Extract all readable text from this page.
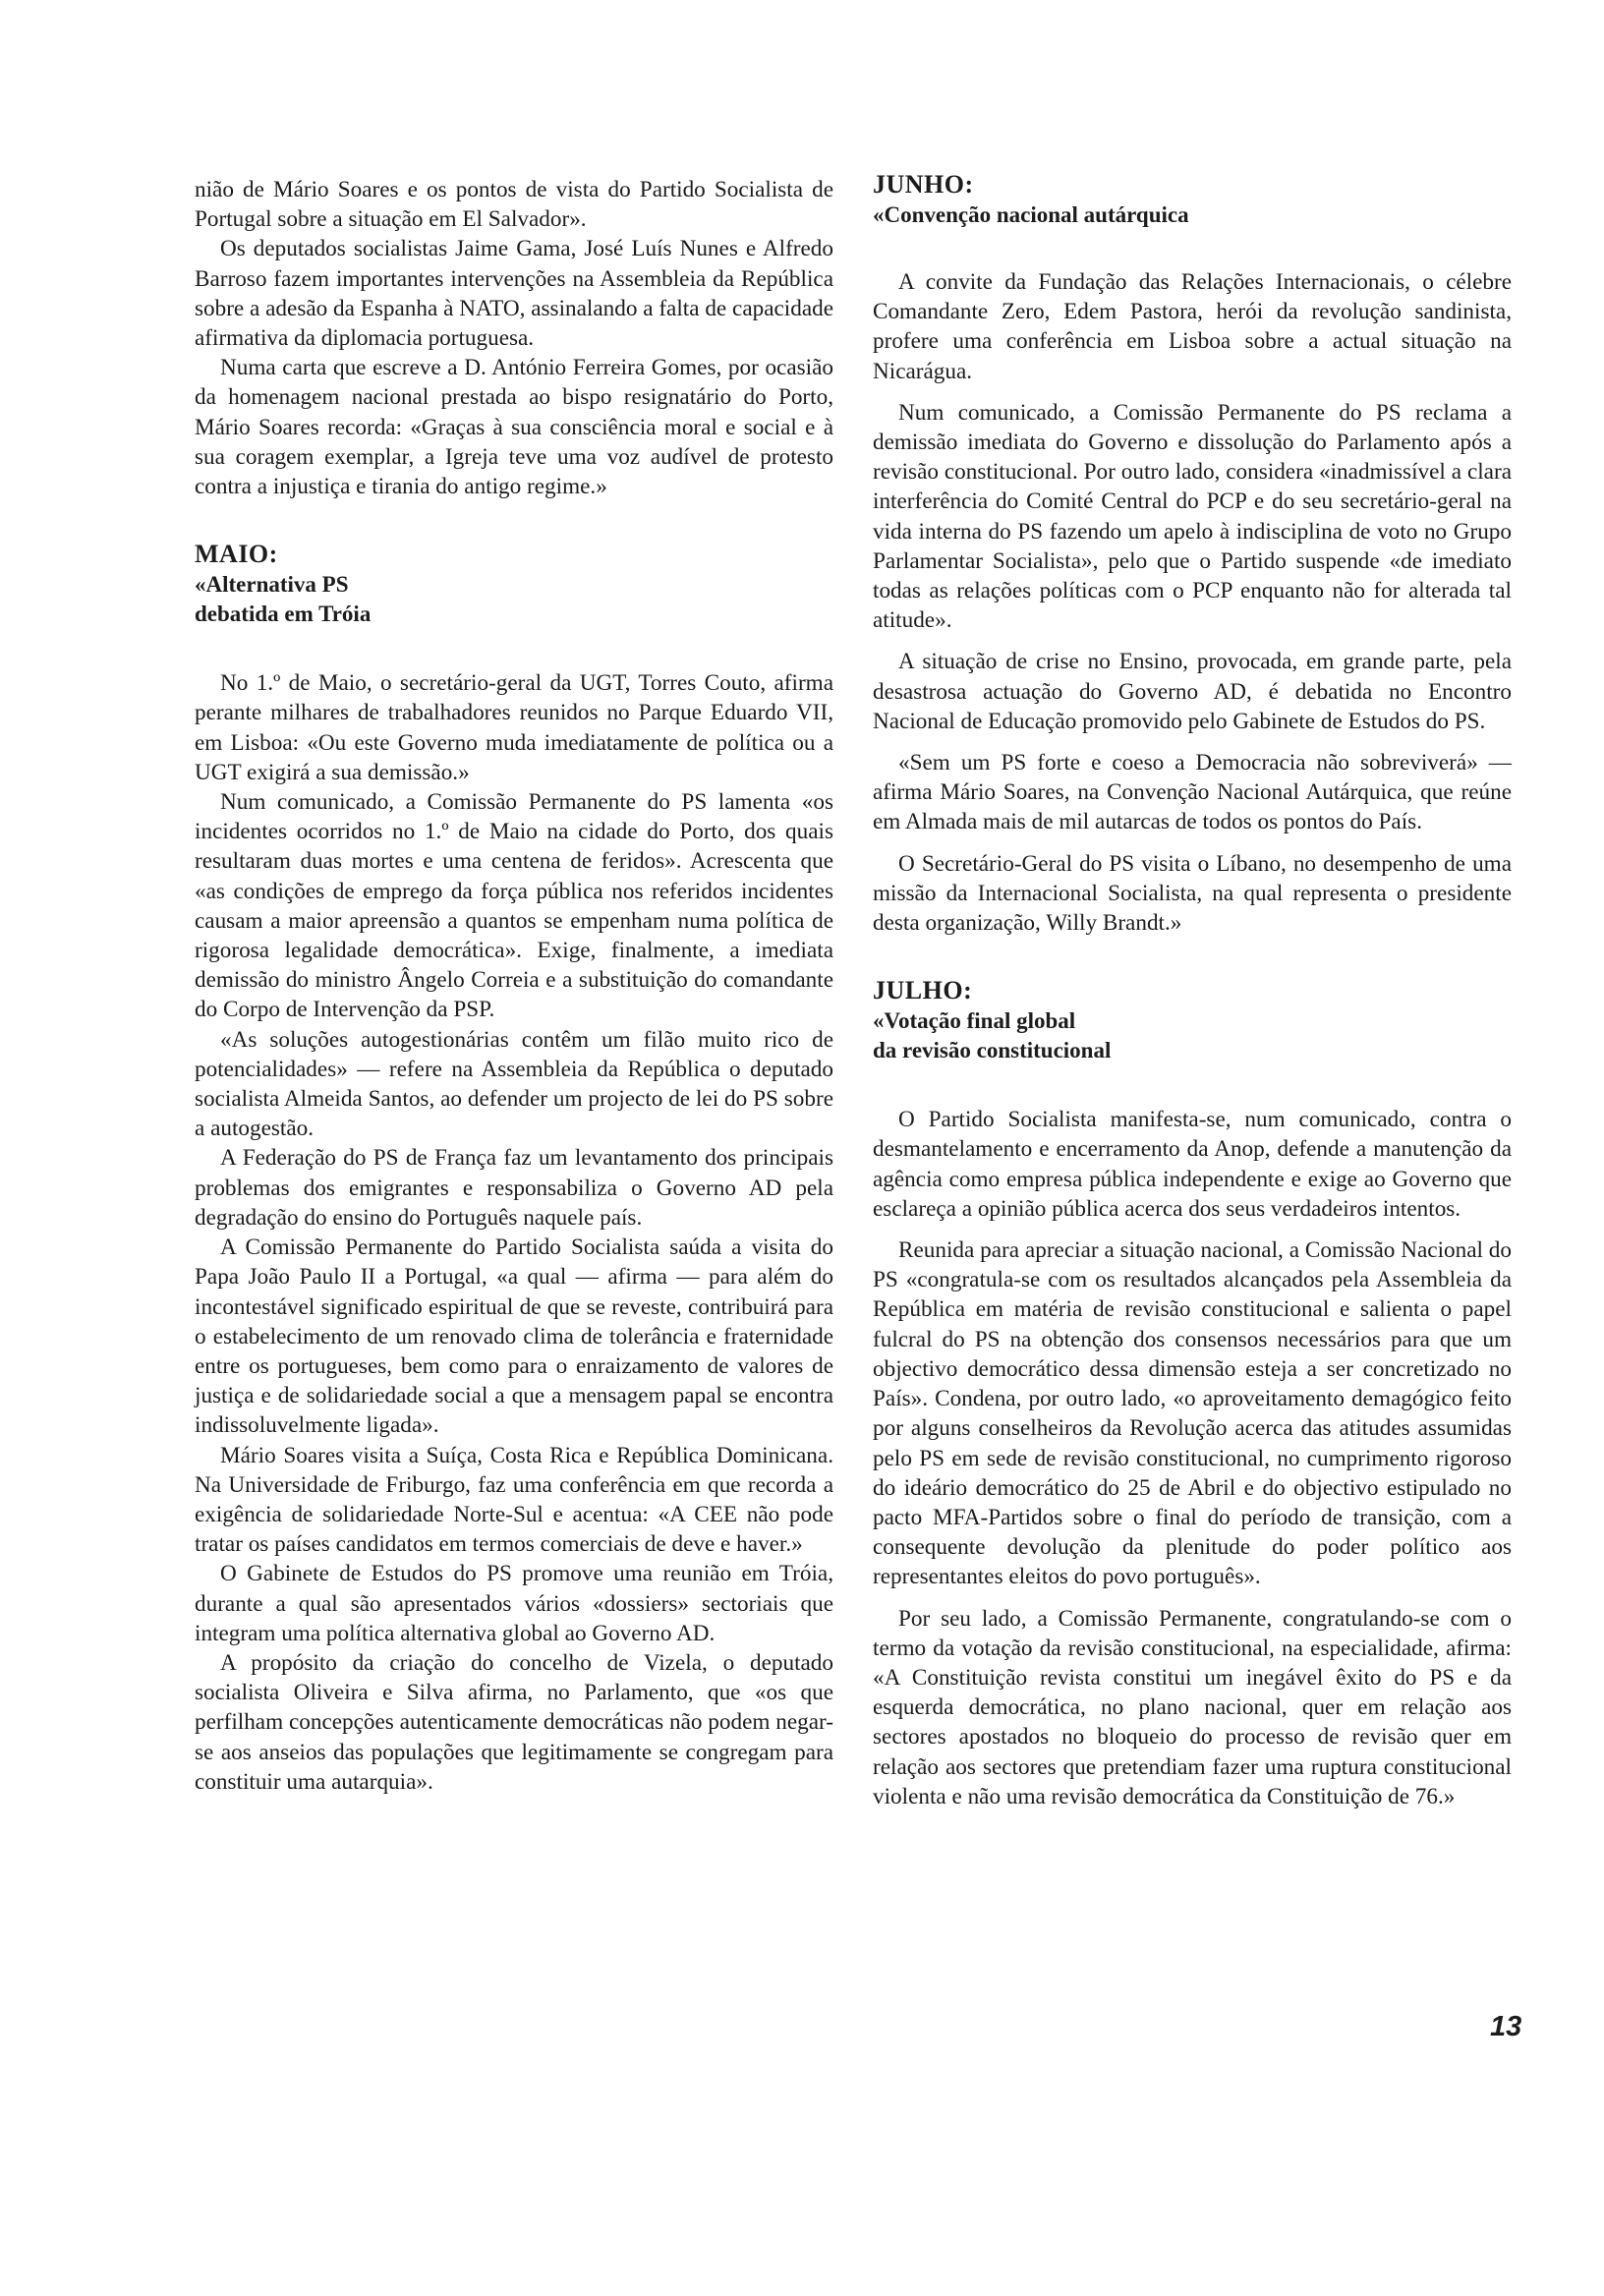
nião de Mário Soares e os pontos de vista do Partido Socialista de Portugal sobre a situação em El Salvador».

Os deputados socialistas Jaime Gama, José Luís Nunes e Alfredo Barroso fazem importantes intervenções na Assembleia da República sobre a adesão da Espanha à NATO, assinalando a falta de capacidade afirmativa da diplomacia portuguesa.

Numa carta que escreve a D. António Ferreira Gomes, por ocasião da homenagem nacional prestada ao bispo resignatário do Porto, Mário Soares recorda: «Graças à sua consciência moral e social e à sua coragem exemplar, a Igreja teve uma voz audível de protesto contra a injustiça e tirania do antigo regime.»

MAIO:
«Alternativa PS
debatida em Tróia

No 1.º de Maio, o secretário-geral da UGT, Torres Couto, afirma perante milhares de trabalhadores reunidos no Parque Eduardo VII, em Lisboa: «Ou este Governo muda imediatamente de política ou a UGT exigirá a sua demissão.»

Num comunicado, a Comissão Permanente do PS lamenta «os incidentes ocorridos no 1.º de Maio na cidade do Porto, dos quais resultaram duas mortes e uma centena de feridos». Acrescenta que «as condições de emprego da força pública nos referidos incidentes causam a maior apreensão a quantos se empenham numa política de rigorosa legalidade democrática». Exige, finalmente, a imediata demissão do ministro Ângelo Correia e a substituição do comandante do Corpo de Intervenção da PSP.

«As soluções autogestionárias contêm um filão muito rico de potencialidades» — refere na Assembleia da República o deputado socialista Almeida Santos, ao defender um projecto de lei do PS sobre a autogestão.

A Federação do PS de França faz um levantamento dos principais problemas dos emigrantes e responsabiliza o Governo AD pela degradação do ensino do Português naquele país.

A Comissão Permanente do Partido Socialista saúda a visita do Papa João Paulo II a Portugal, «a qual — afirma — para além do incontestável significado espiritual de que se reveste, contribuirá para o estabelecimento de um renovado clima de tolerância e fraternidade entre os portugueses, bem como para o enraizamento de valores de justiça e de solidariedade social a que a mensagem papal se encontra indissoluvelmente ligada».

Mário Soares visita a Suíça, Costa Rica e República Dominicana. Na Universidade de Friburgo, faz uma conferência em que recorda a exigência de solidariedade Norte-Sul e acentua: «A CEE não pode tratar os países candidatos em termos comerciais de deve e haver.»

O Gabinete de Estudos do PS promove uma reunião em Tróia, durante a qual são apresentados vários «dossiers» sectoriais que integram uma política alternativa global ao Governo AD.

A propósito da criação do concelho de Vizela, o deputado socialista Oliveira e Silva afirma, no Parlamento, que «os que perfilham concepções autenticamente democráticas não podem negar-se aos anseios das populações que legitimamente se congregam para constituir uma autarquia».

JUNHO:
«Convenção nacional autárquica

A convite da Fundação das Relações Internacionais, o célebre Comandante Zero, Edem Pastora, herói da revolução sandinista, profere uma conferência em Lisboa sobre a actual situação na Nicarágua.

Num comunicado, a Comissão Permanente do PS reclama a demissão imediata do Governo e dissolução do Parlamento após a revisão constitucional. Por outro lado, considera «inadmissível a clara interferência do Comité Central do PCP e do seu secretário-geral na vida interna do PS fazendo um apelo à indisciplina de voto no Grupo Parlamentar Socialista», pelo que o Partido suspende «de imediato todas as relações políticas com o PCP enquanto não for alterada tal atitude».

A situação de crise no Ensino, provocada, em grande parte, pela desastrosa actuação do Governo AD, é debatida no Encontro Nacional de Educação promovido pelo Gabinete de Estudos do PS.

«Sem um PS forte e coeso a Democracia não sobreviverá» — afirma Mário Soares, na Convenção Nacional Autárquica, que reúne em Almada mais de mil autarcas de todos os pontos do País.

O Secretário-Geral do PS visita o Líbano, no desempenho de uma missão da Internacional Socialista, na qual representa o presidente desta organização, Willy Brandt.»

JULHO:
«Votação final global
da revisão constitucional

O Partido Socialista manifesta-se, num comunicado, contra o desmantelamento e encerramento da Anop, defende a manutenção da agência como empresa pública independente e exige ao Governo que esclareça a opinião pública acerca dos seus verdadeiros intentos.

Reunida para apreciar a situação nacional, a Comissão Nacional do PS «congratula-se com os resultados alcançados pela Assembleia da República em matéria de revisão constitucional e salienta o papel fulcral do PS na obtenção dos consensos necessários para que um objectivo democrático dessa dimensão esteja a ser concretizado no País». Condena, por outro lado, «o aproveitamento demagógico feito por alguns conselheiros da Revolução acerca das atitudes assumidas pelo PS em sede de revisão constitucional, no cumprimento rigoroso do ideário democrático do 25 de Abril e do objectivo estipulado no pacto MFA-Partidos sobre o final do período de transição, com a consequente devolução da plenitude do poder político aos representantes eleitos do povo português».

Por seu lado, a Comissão Permanente, congratulando-se com o termo da votação da revisão constitucional, na especialidade, afirma: «A Constituição revista constitui um inegável êxito do PS e da esquerda democrática, no plano nacional, quer em relação aos sectores apostados no bloqueio do processo de revisão quer em relação aos sectores que pretendiam fazer uma ruptura constitucional violenta e não uma revisão democrática da Constituição de 76.»

13
